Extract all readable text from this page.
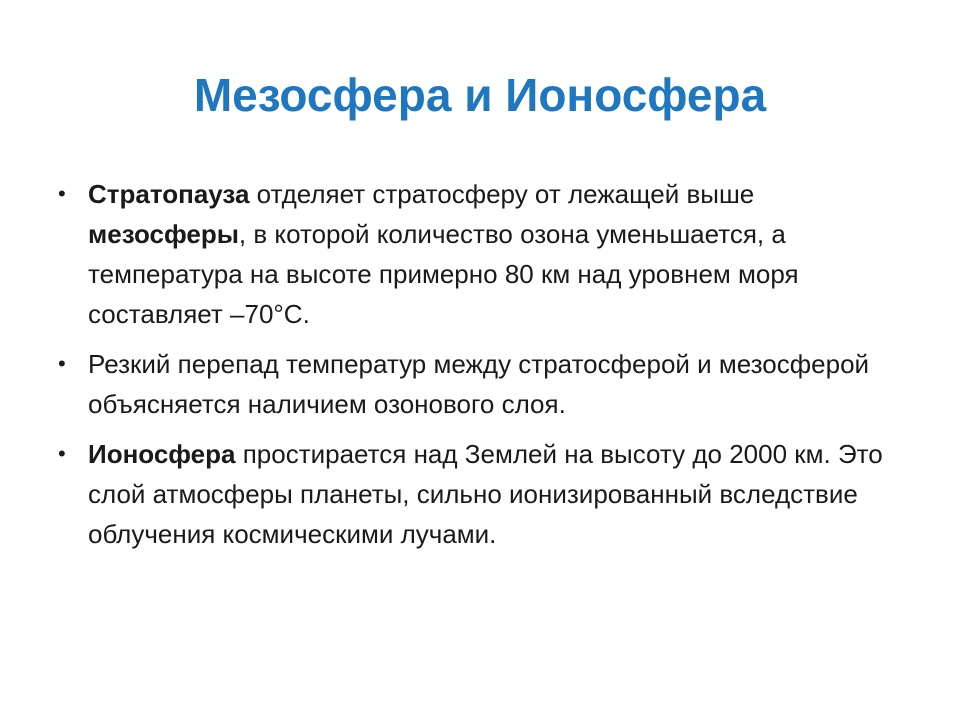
Мезосфера и Ионосфера
• Стратопауза отделяет стратосферу от лежащей выше мезосферы, в которой количество озона уменьшается, а температура на высоте примерно 80 км над уровнем моря составляет –70°С.
• Резкий перепад температур между стратосферой и мезосферой объясняется наличием озонового слоя.
• Ионосфера простирается над Землей на высоту до 2000 км. Это слой атмосферы планеты, сильно ионизированный вследствие облучения космическими лучами.
